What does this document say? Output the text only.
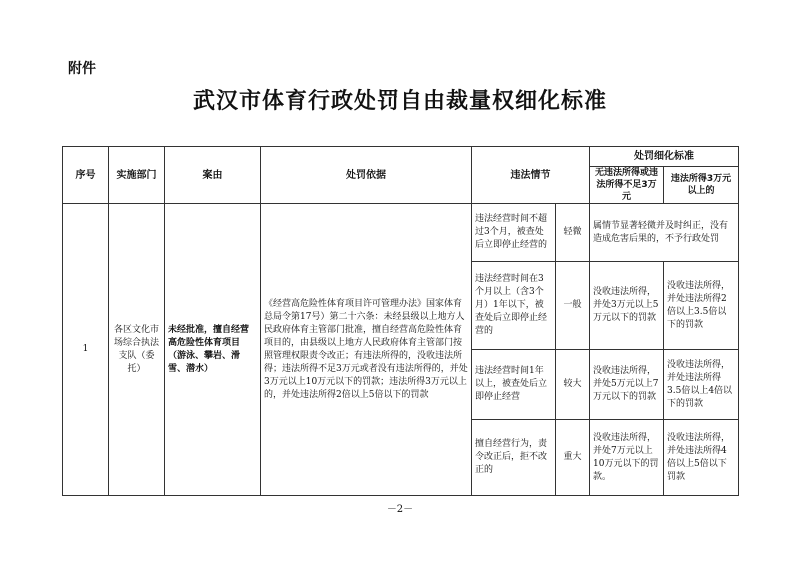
附件
武汉市体育行政处罚自由裁量权细化标准
序号	实施部门	案由	处罚依据	违法情节		处罚细化标准	
						无违法所得或违法所得不足3万元	违法所得3万元以上的
1	各区文化市场综合执法支队（委托）	未经批准，擅自经营高危险性体育项目（游泳、攀岩、滑雪、潜水）	《经营高危险性体育项目许可管理办法》国家体育总局令第17号）第二十六条：未经县级以上地方人民政府体育主管部门批准，擅自经营高危险性体育项目的，由县级以上地方人民政府体育主管部门按照管理权限责令改正；有违法所得的，没收违法所得；违法所得不足3万元或者没有违法所得的，并处3万元以上10万元以下的罚款；违法所得3万元以上的，并处违法所得2倍以上5倍以下的罚款	违法经营时间不超过3个月，被查处后立即停止经营的	轻微	属情节显著轻微并及时纠正，没有造成危害后果的，不予行政处罚	
				违法经营时间在3个月以上（含3个月）1年以下，被查处后立即停止经营的	一般	没收违法所得，并处3万元以上5万元以下的罚款	没收违法所得，并处违法所得2倍以上3.5倍以下的罚款
				违法经营时间1年以上，被查处后立即停止经营	较大	没收违法所得，并处5万元以上7万元以下的罚款	没收违法所得，并处违法所得3.5倍以上4倍以下的罚款
				擅自经营行为，责令改正后，拒不改正的	重大	没收违法所得，并处7万元以上10万元以下的罚款。	没收违法所得，并处违法所得4倍以上5倍以下罚款
－2－
